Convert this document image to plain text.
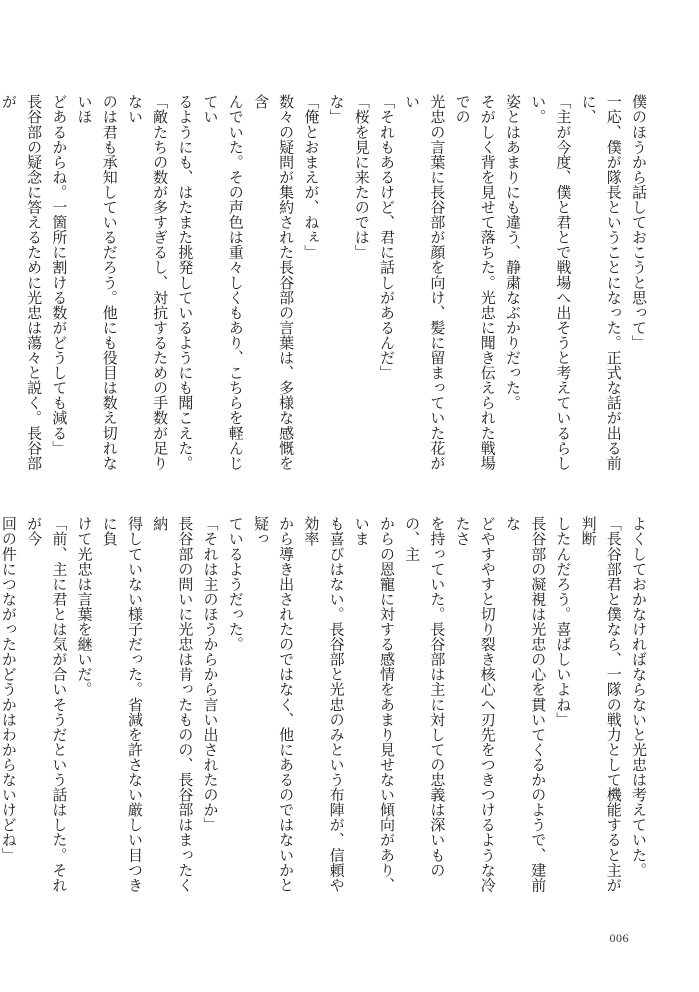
僕のほうから話しておこうと思って」
一応、僕が隊長ということになった。正式な話が出る前に、
「主が今度、僕と君とで戦場へ出そうと考えているらしい。
姿とはあまりにも違う、静粛なぶかりだった。
そがしく背を見せて落ちた。光忠に聞き伝えられた戦場での
光忠の言葉に長谷部が顔を向け、髪に留まっていた花がい
「それもあるけど、君に話しがあるんだ」
「桜を見に来たのでは」
な」
「俺とおまえが、ねぇ」
数々の疑問が集約された長谷部の言葉は、多様な感慨を含
んでいた。その声色は重々しくもあり、こちらを軽んじてい
るようにも、はたまた挑発しているようにも聞こえた。
「敵たちの数が多すぎるし、対抗するための手数が足りない
のは君も承知しているだろう。他にも役目は数え切れないほ
どあるからね。一箇所に割ける数がどうしても減る」
長谷部の疑念に答えるために光忠は蕩々と説く。長谷部が
よくしておかなければならないと光忠は考えていた。
「長谷部君と僕なら、一隊の戦力として機能すると主が判断
したんだろう。喜ばしいよね」
長谷部の凝視は光忠の心を貫いてくるかのようで、建前な
どやすやすと切り裂き核心へ刃先をつきつけるような冷たさ
を持っていた。長谷部は主に対しての忠義は深いものの、主
からの恩寵に対する感情をあまり見せない傾向があり、いま
も喜びはない。長谷部と光忠のみという布陣が、信頼や効率
から導き出されたのではなく、他にあるのではないかと疑っ
ているようだった。
「それは主のほうからから言い出されたのか」
長谷部の問いに光忠は肯ったものの、長谷部はまったく納
得していない様子だった。省減を許さない厳しい目つきに負
けて光忠は言葉を継いだ。
「前、主に君とは気が合いそうだという話はした。それが今
回の件につながったかどうかはわからないけどね」
006
